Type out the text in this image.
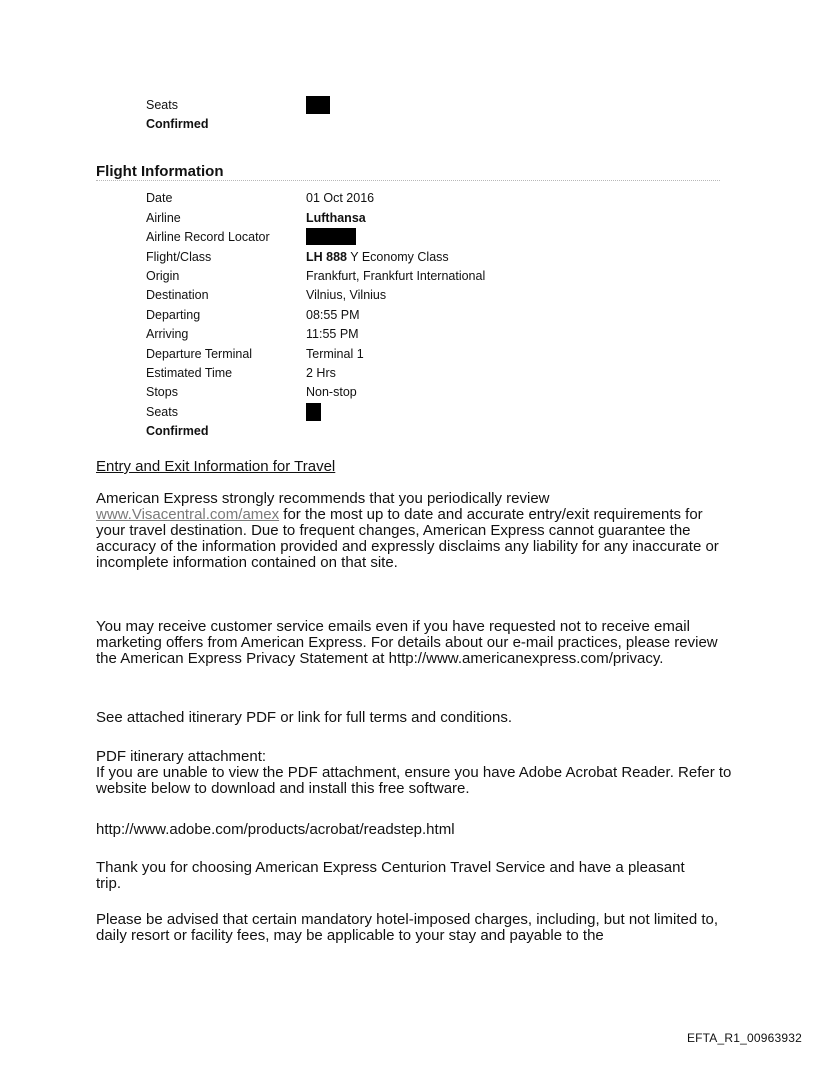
Seats
Confirmed
Flight Information
Date	01 Oct 2016
Airline	Lufthansa
Airline Record Locator
Flight/Class	LH 888 Y Economy Class
Origin	Frankfurt, Frankfurt International
Destination	Vilnius, Vilnius
Departing	08:55 PM
Arriving	11:55 PM
Departure Terminal	Terminal 1
Estimated Time	2 Hrs
Stops	Non-stop
Seats
Confirmed
Entry and Exit Information for Travel

American Express strongly recommends that you periodically review
www.Visacentral.com/amex for the most up to date and accurate entry/exit requirements for your travel destination. Due to frequent changes, American Express cannot guarantee the accuracy of the information provided and expressly disclaims any liability for any inaccurate or incomplete information contained on that site.

You may receive customer service emails even if you have requested not to receive email marketing offers from American Express. For details about our e-mail practices, please review the American Express Privacy Statement at http://www.americanexpress.com/privacy.
See attached itinerary PDF or link for full terms and conditions.

PDF itinerary attachment:

If you are unable to view the PDF attachment, ensure you have Adobe Acrobat Reader. Refer to website below to download and install this free software.

http://www.adobe.com/products/acrobat/readstep.html
Thank you for choosing American Express Centurion Travel Service and have a pleasant trip.
Please be advised that certain mandatory hotel-imposed charges, including, but not limited to, daily resort or facility fees, may be applicable to your stay and payable to the
EFTA_R1_00963932
